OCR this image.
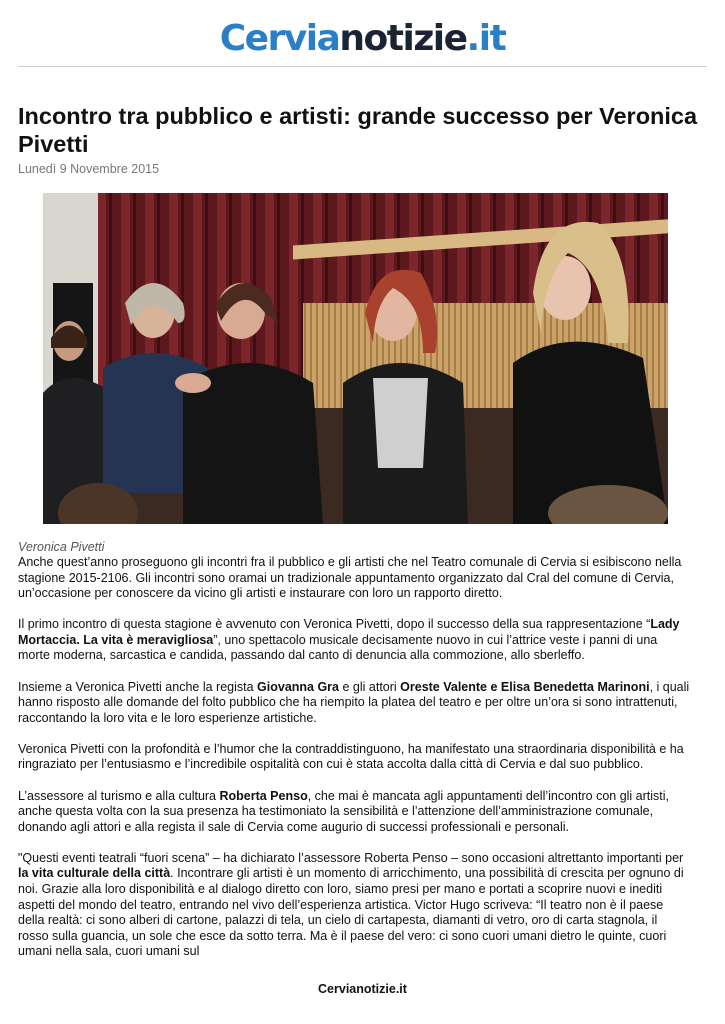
Cervianotizie.it
Incontro tra pubblico e artisti: grande successo per Veronica Pivetti
Lunedì 9 Novembre 2015
Veronica Pivetti

Anche quest’anno proseguono gli incontri fra il pubblico e gli artisti che nel Teatro comunale di Cervia si esibiscono nella stagione 2015-2106. Gli incontri sono oramai un tradizionale appuntamento organizzato dal Cral del comune di Cervia, un’occasione per conoscere da vicino gli artisti e instaurare con loro un rapporto diretto.

Il primo incontro di questa stagione è avvenuto con Veronica Pivetti, dopo il successo della sua rappresentazione “Lady Mortaccia. La vita è meravigliosa”, uno spettacolo musicale decisamente nuovo in cui l’attrice veste i panni di una morte moderna, sarcastica e candida, passando dal canto di denuncia alla commozione, allo sberleffo.

Insieme a Veronica Pivetti anche la regista Giovanna Gra e gli attori Oreste Valente e Elisa Benedetta Marinoni, i quali hanno risposto alle domande del folto pubblico che ha riempito la platea del teatro e per oltre un’ora si sono intrattenuti, raccontando la loro vita e le loro esperienze artistiche.

Veronica Pivetti con la profondità e l’humor che la contraddistinguono, ha manifestato una straordinaria disponibilità e ha ringraziato per l’entusiasmo e l’incredibile ospitalità con cui è stata accolta dalla città di Cervia e dal suo pubblico.

L’assessore al turismo e alla cultura Roberta Penso, che mai è mancata agli appuntamenti dell’incontro con gli artisti, anche questa volta con la sua presenza ha testimoniato la sensibilità e l’attenzione dell’amministrazione comunale, donando agli attori e alla regista il sale di Cervia come augurio di successi professionali e personali.

"Questi eventi teatrali “fuori scena” – ha dichiarato l’assessore Roberta Penso – sono occasioni altrettanto importanti per la vita culturale della città. Incontrare gli artisti è un momento di arricchimento, una possibilità di crescita per ognuno di noi. Grazie alla loro disponibilità e al dialogo diretto con loro, siamo presi per mano e portati a scoprire nuovi e inediti aspetti del mondo del teatro, entrando nel vivo dell’esperienza artistica. Victor Hugo scriveva: “Il teatro non è il paese della realtà: ci sono alberi di cartone, palazzi di tela, un cielo di cartapesta, diamanti di vetro, oro di carta stagnola, il rosso sulla guancia, un sole che esce da sotto terra. Ma è il paese del vero: ci sono cuori umani dietro le quinte, cuori umani nella sala, cuori umani sul

Cervianotizie.it
